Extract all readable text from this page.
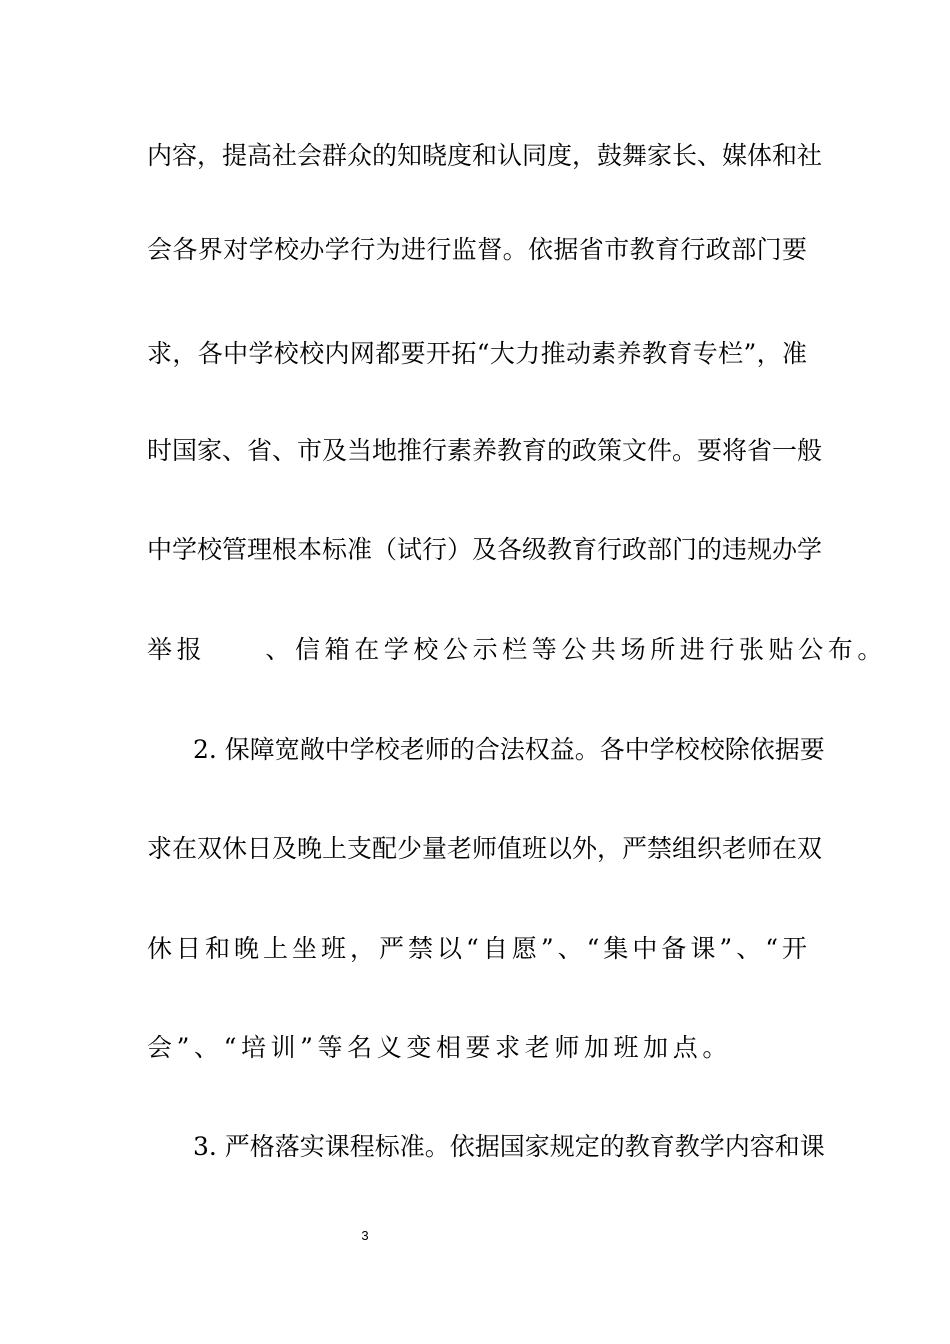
内容，提高社会群众的知晓度和认同度，鼓舞家长、媒体和社
会各界对学校办学行为进行监督。依据省市教育行政部门要
求，各中学校校内网都要开拓“大力推动素养教育专栏”，准
时国家、省、市及当地推行素养教育的政策文件。要将省一般
中学校管理根本标准（试行）及各级教育行政部门的违规办学
举报　　、信箱在学校公示栏等公共场所进行张贴公布。
2. 保障宽敞中学校老师的合法权益。各中学校校除依据要
求在双休日及晚上支配少量老师值班以外，严禁组织老师在双
休日和晚上坐班，严禁以“自愿”、“集中备课”、“开
会”、“培训”等名义变相要求老师加班加点。
3. 严格落实课程标准。依据国家规定的教育教学内容和课
3
